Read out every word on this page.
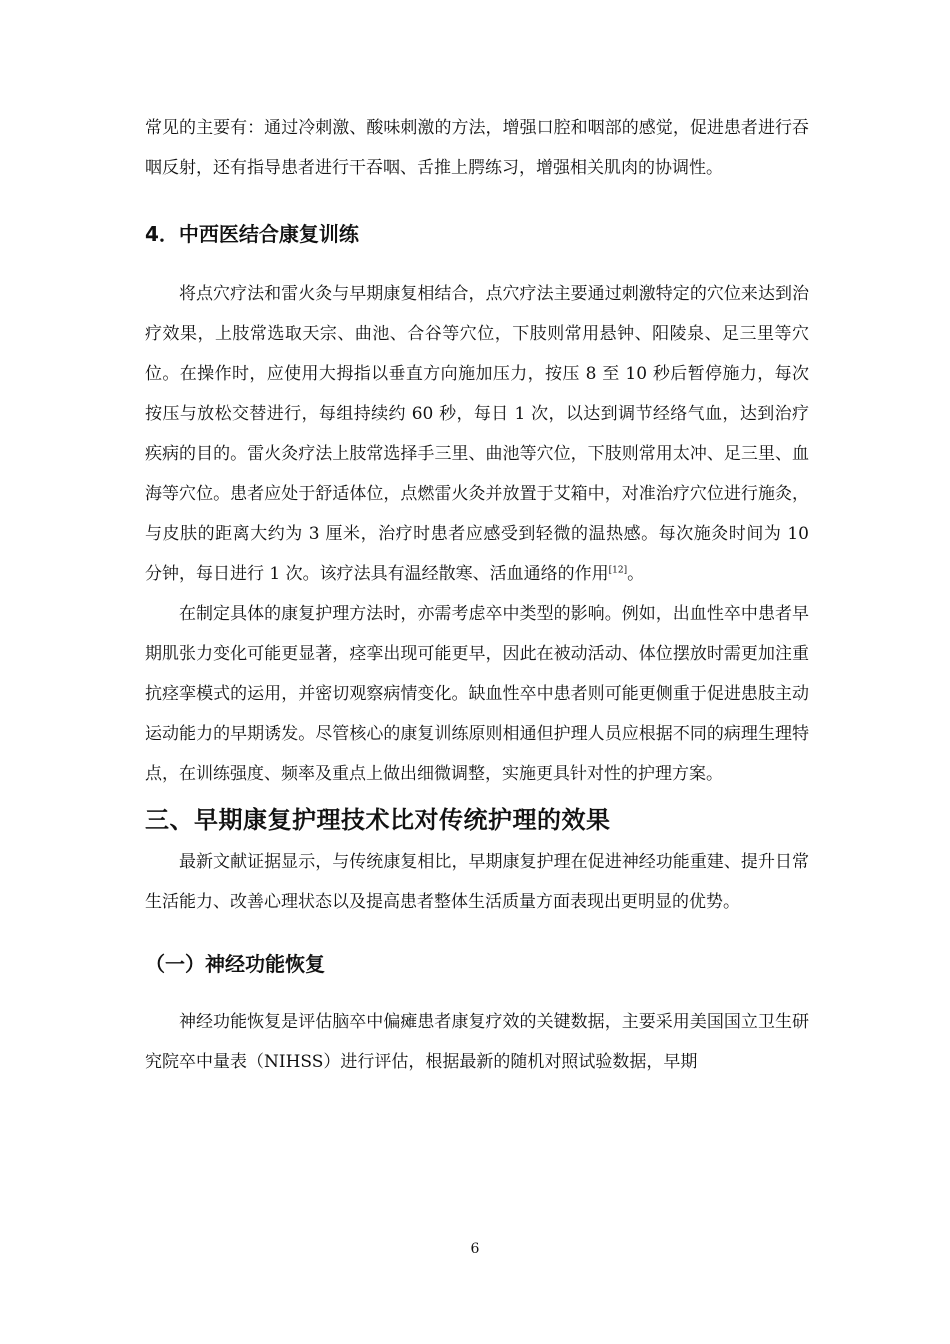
常见的主要有：通过冷刺激、酸味刺激的方法，增强口腔和咽部的感觉，促进患者进行吞咽反射，还有指导患者进行干吞咽、舌推上腭练习，增强相关肌肉的协调性。

4．中西医结合康复训练

将点穴疗法和雷火灸与早期康复相结合，点穴疗法主要通过刺激特定的穴位来达到治疗效果，上肢常选取天宗、曲池、合谷等穴位，下肢则常用悬钟、阳陵泉、足三里等穴位。在操作时，应使用大拇指以垂直方向施加压力，按压 8 至 10 秒后暂停施力，每次按压与放松交替进行，每组持续约 60 秒，每日 1 次，以达到调节经络气血，达到治疗疾病的目的。雷火灸疗法上肢常选择手三里、曲池等穴位，下肢则常用太冲、足三里、血海等穴位。患者应处于舒适体位，点燃雷火灸并放置于艾箱中，对准治疗穴位进行施灸，与皮肤的距离大约为 3 厘米，治疗时患者应感受到轻微的温热感。每次施灸时间为 10 分钟，每日进行 1 次。该疗法具有温经散寒、活血通络的作用[12]。

在制定具体的康复护理方法时，亦需考虑卒中类型的影响。例如，出血性卒中患者早期肌张力变化可能更显著，痉挛出现可能更早，因此在被动活动、体位摆放时需更加注重抗痉挛模式的运用，并密切观察病情变化。缺血性卒中患者则可能更侧重于促进患肢主动运动能力的早期诱发。尽管核心的康复训练原则相通但护理人员应根据不同的病理生理特点，在训练强度、频率及重点上做出细微调整，实施更具针对性的护理方案。

三、早期康复护理技术比对传统护理的效果

最新文献证据显示，与传统康复相比，早期康复护理在促进神经功能重建、提升日常生活能力、改善心理状态以及提高患者整体生活质量方面表现出更明显的优势。

（一）神经功能恢复

神经功能恢复是评估脑卒中偏瘫患者康复疗效的关键数据，主要采用美国国立卫生研究院卒中量表（NIHSS）进行评估，根据最新的随机对照试验数据，早期

6
